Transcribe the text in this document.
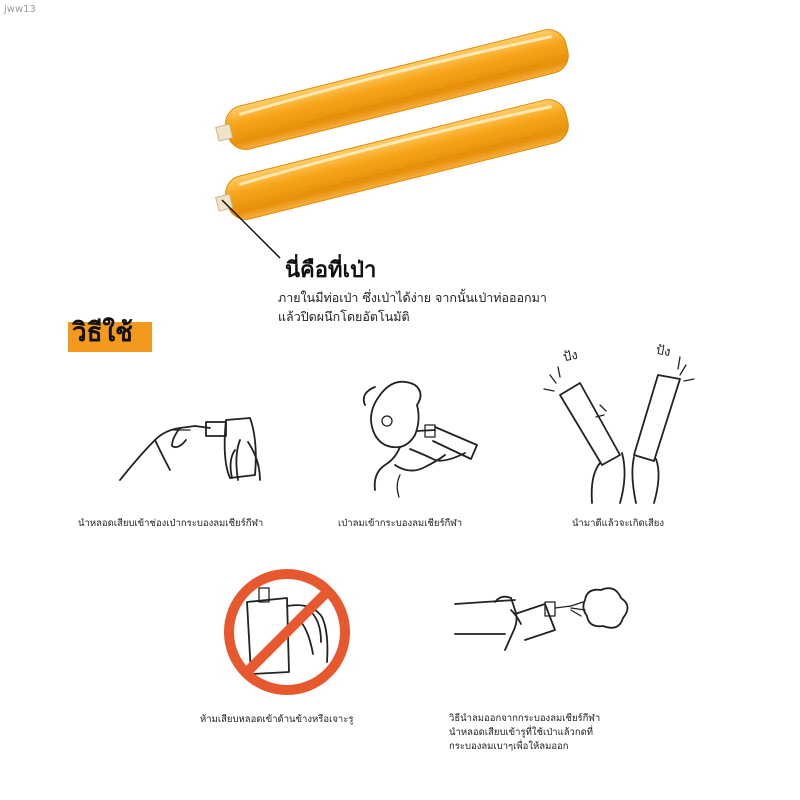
jww13
นี่คือที่เป่า
ภายในมีท่อเป่า ซึ่งเป่าได้ง่าย จากนั้นเป่าท่อออกมา
แล้วปิดผนึกโดยอัตโนมัติ
วิธีใช้
นำหลอดเสียบเข้าช่องเป่ากระบองลมเชียร์กีฬา	เป่าลมเข้ากระบองลมเชียร์กีฬา
ปัง	ปัง
นำมาตีแล้วจะเกิดเสียง
ห้ามเสียบหลอดเข้าด้านข้างหรือเจาะรู	วิธีนำลมออกจากกระบองลมเชียร์กีฬา
นำหลอดเสียบเข้ารูที่ใช้เป่าแล้วกดที่
กระบองลมเบาๆเพื่อให้ลมออก
